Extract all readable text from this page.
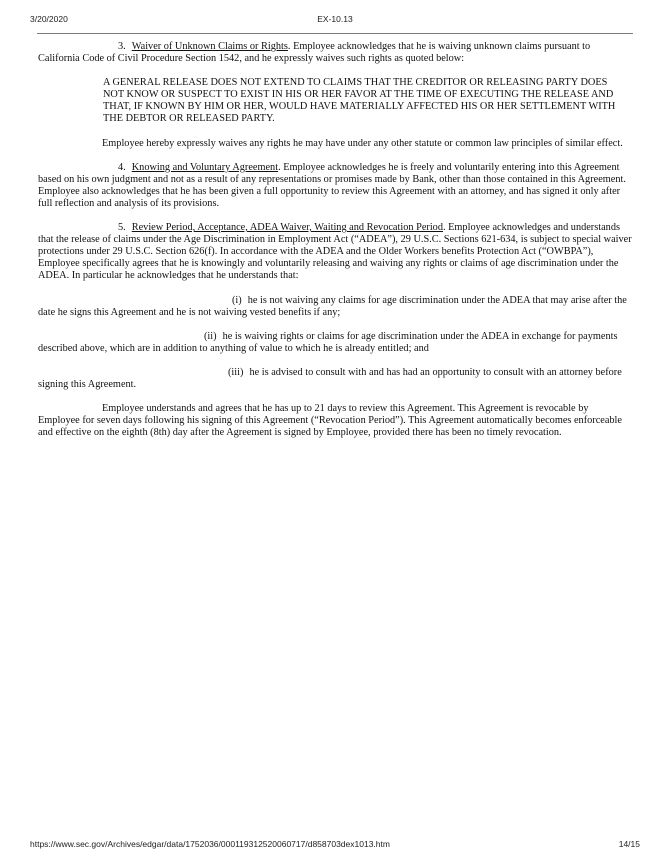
3/20/2020	EX-10.13

3. Waiver of Unknown Claims or Rights. Employee acknowledges that he is waiving unknown claims pursuant to California Code of Civil Procedure Section 1542, and he expressly waives such rights as quoted below:

A GENERAL RELEASE DOES NOT EXTEND TO CLAIMS THAT THE CREDITOR OR RELEASING PARTY DOES NOT KNOW OR SUSPECT TO EXIST IN HIS OR HER FAVOR AT THE TIME OF EXECUTING THE RELEASE AND THAT, IF KNOWN BY HIM OR HER, WOULD HAVE MATERIALLY AFFECTED HIS OR HER SETTLEMENT WITH THE DEBTOR OR RELEASED PARTY.

Employee hereby expressly waives any rights he may have under any other statute or common law principles of similar effect.

4. Knowing and Voluntary Agreement. Employee acknowledges he is freely and voluntarily entering into this Agreement based on his own judgment and not as a result of any representations or promises made by Bank, other than those contained in this Agreement. Employee also acknowledges that he has been given a full opportunity to review this Agreement with an attorney, and has signed it only after full reflection and analysis of its provisions.

5. Review Period, Acceptance, ADEA Waiver, Waiting and Revocation Period. Employee acknowledges and understands that the release of claims under the Age Discrimination in Employment Act (“ADEA”), 29 U.S.C. Sections 621-634, is subject to special waiver protections under 29 U.S.C. Section 626(f). In accordance with the ADEA and the Older Workers benefits Protection Act (“OWBPA”), Employee specifically agrees that he is knowingly and voluntarily releasing and waiving any rights or claims of age discrimination under the ADEA. In particular he acknowledges that he understands that:

(i) he is not waiving any claims for age discrimination under the ADEA that may arise after the date he signs this Agreement and he is not waiving vested benefits if any;

(ii) he is waiving rights or claims for age discrimination under the ADEA in exchange for payments described above, which are in addition to anything of value to which he is already entitled; and

(iii) he is advised to consult with and has had an opportunity to consult with an attorney before signing this Agreement.

Employee understands and agrees that he has up to 21 days to review this Agreement. This Agreement is revocable by Employee for seven days following his signing of this Agreement (“Revocation Period”). This Agreement automatically becomes enforceable and effective on the eighth (8th) day after the Agreement is signed by Employee, provided there has been no timely revocation.

https://www.sec.gov/Archives/edgar/data/1752036/000119312520060717/d858703dex1013.htm	14/15
